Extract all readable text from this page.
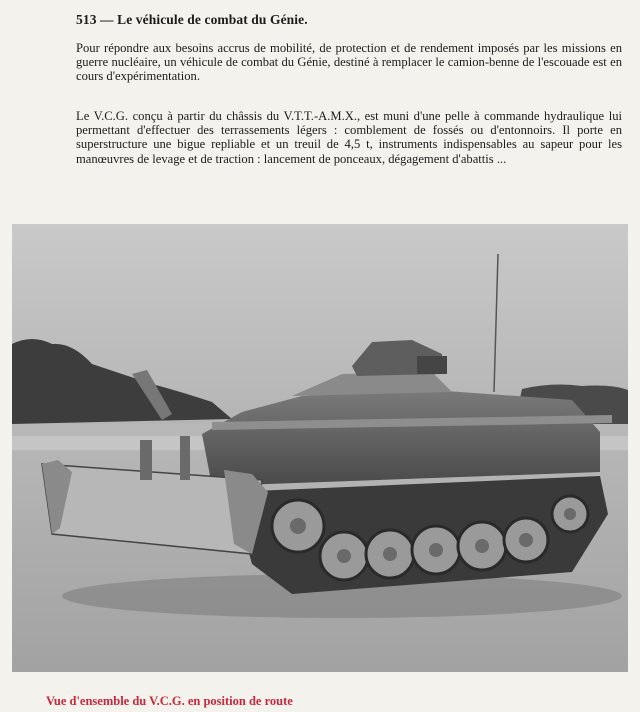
513 — Le véhicule de combat du Génie.

Pour répondre aux besoins accrus de mobilité, de protection et de rendement imposés par les missions en guerre nucléaire, un véhicule de combat du Génie, destiné à remplacer le camion-benne de l'escouade est en cours d'expérimentation.

Le V.C.G. conçu à partir du châssis du V.T.T.-A.M.X., est muni d'une pelle à commande hydraulique lui permettant d'effectuer des terrassements légers : comblement de fossés ou d'entonnoirs. Il porte en superstructure une bigue repliable et un treuil de 4,5 t, instruments indispensables au sapeur pour les manœuvres de levage et de traction : lancement de ponceaux, dégagement d'abattis ...

Vue d'ensemble du V.C.G. en position de route
